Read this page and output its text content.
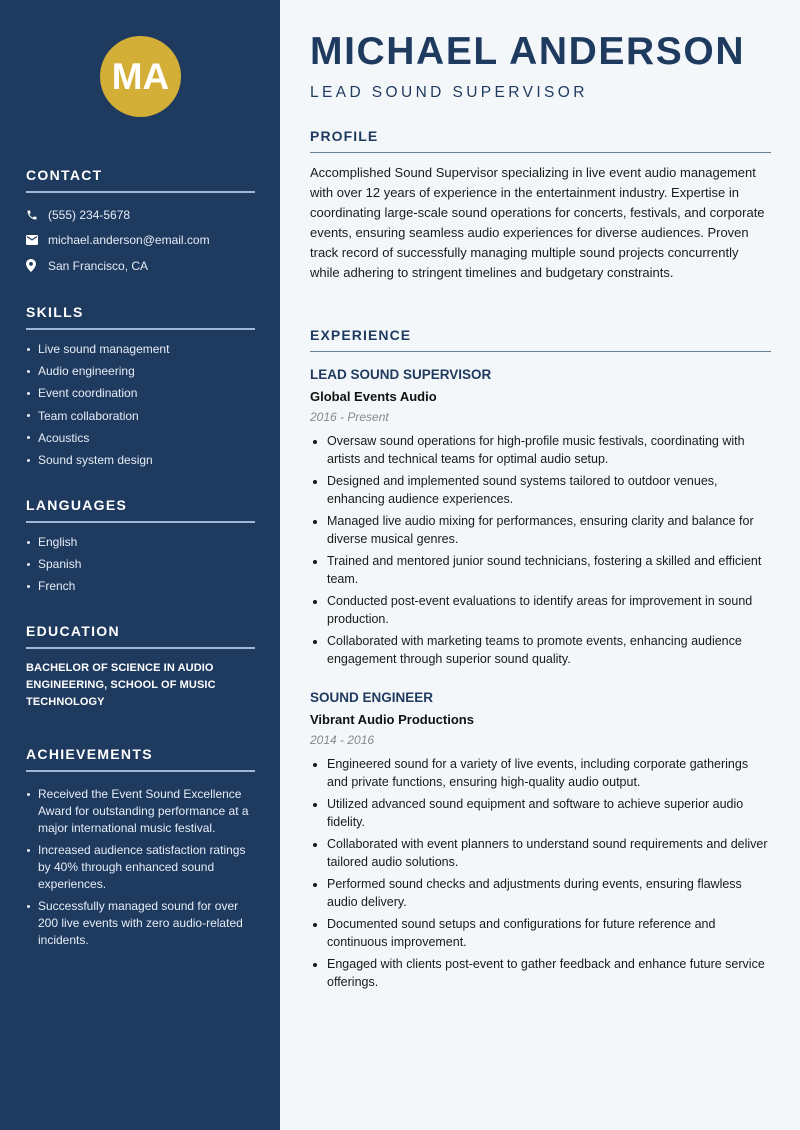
MA
CONTACT
(555) 234-5678
michael.anderson@email.com
San Francisco, CA
SKILLS
Live sound management
Audio engineering
Event coordination
Team collaboration
Acoustics
Sound system design
LANGUAGES
English
Spanish
French
EDUCATION
BACHELOR OF SCIENCE IN AUDIO ENGINEERING, SCHOOL OF MUSIC TECHNOLOGY
ACHIEVEMENTS
Received the Event Sound Excellence Award for outstanding performance at a major international music festival.
Increased audience satisfaction ratings by 40% through enhanced sound experiences.
Successfully managed sound for over 200 live events with zero audio-related incidents.
MICHAEL ANDERSON
LEAD SOUND SUPERVISOR
PROFILE

Accomplished Sound Supervisor specializing in live event audio management with over 12 years of experience in the entertainment industry. Expertise in coordinating large-scale sound operations for concerts, festivals, and corporate events, ensuring seamless audio experiences for diverse audiences. Proven track record of successfully managing multiple sound projects concurrently while adhering to stringent timelines and budgetary constraints.

EXPERIENCE
LEAD SOUND SUPERVISOR
Global Events Audio
2016 - Present
Oversaw sound operations for high-profile music festivals, coordinating with artists and technical teams for optimal audio setup.
Designed and implemented sound systems tailored to outdoor venues, enhancing audience experiences.
Managed live audio mixing for performances, ensuring clarity and balance for diverse musical genres.
Trained and mentored junior sound technicians, fostering a skilled and efficient team.
Conducted post-event evaluations to identify areas for improvement in sound production.
Collaborated with marketing teams to promote events, enhancing audience engagement through superior sound quality.
SOUND ENGINEER
Vibrant Audio Productions
2014 - 2016
Engineered sound for a variety of live events, including corporate gatherings and private functions, ensuring high-quality audio output.
Utilized advanced sound equipment and software to achieve superior audio fidelity.
Collaborated with event planners to understand sound requirements and deliver tailored audio solutions.
Performed sound checks and adjustments during events, ensuring flawless audio delivery.
Documented sound setups and configurations for future reference and continuous improvement.
Engaged with clients post-event to gather feedback and enhance future service offerings.
